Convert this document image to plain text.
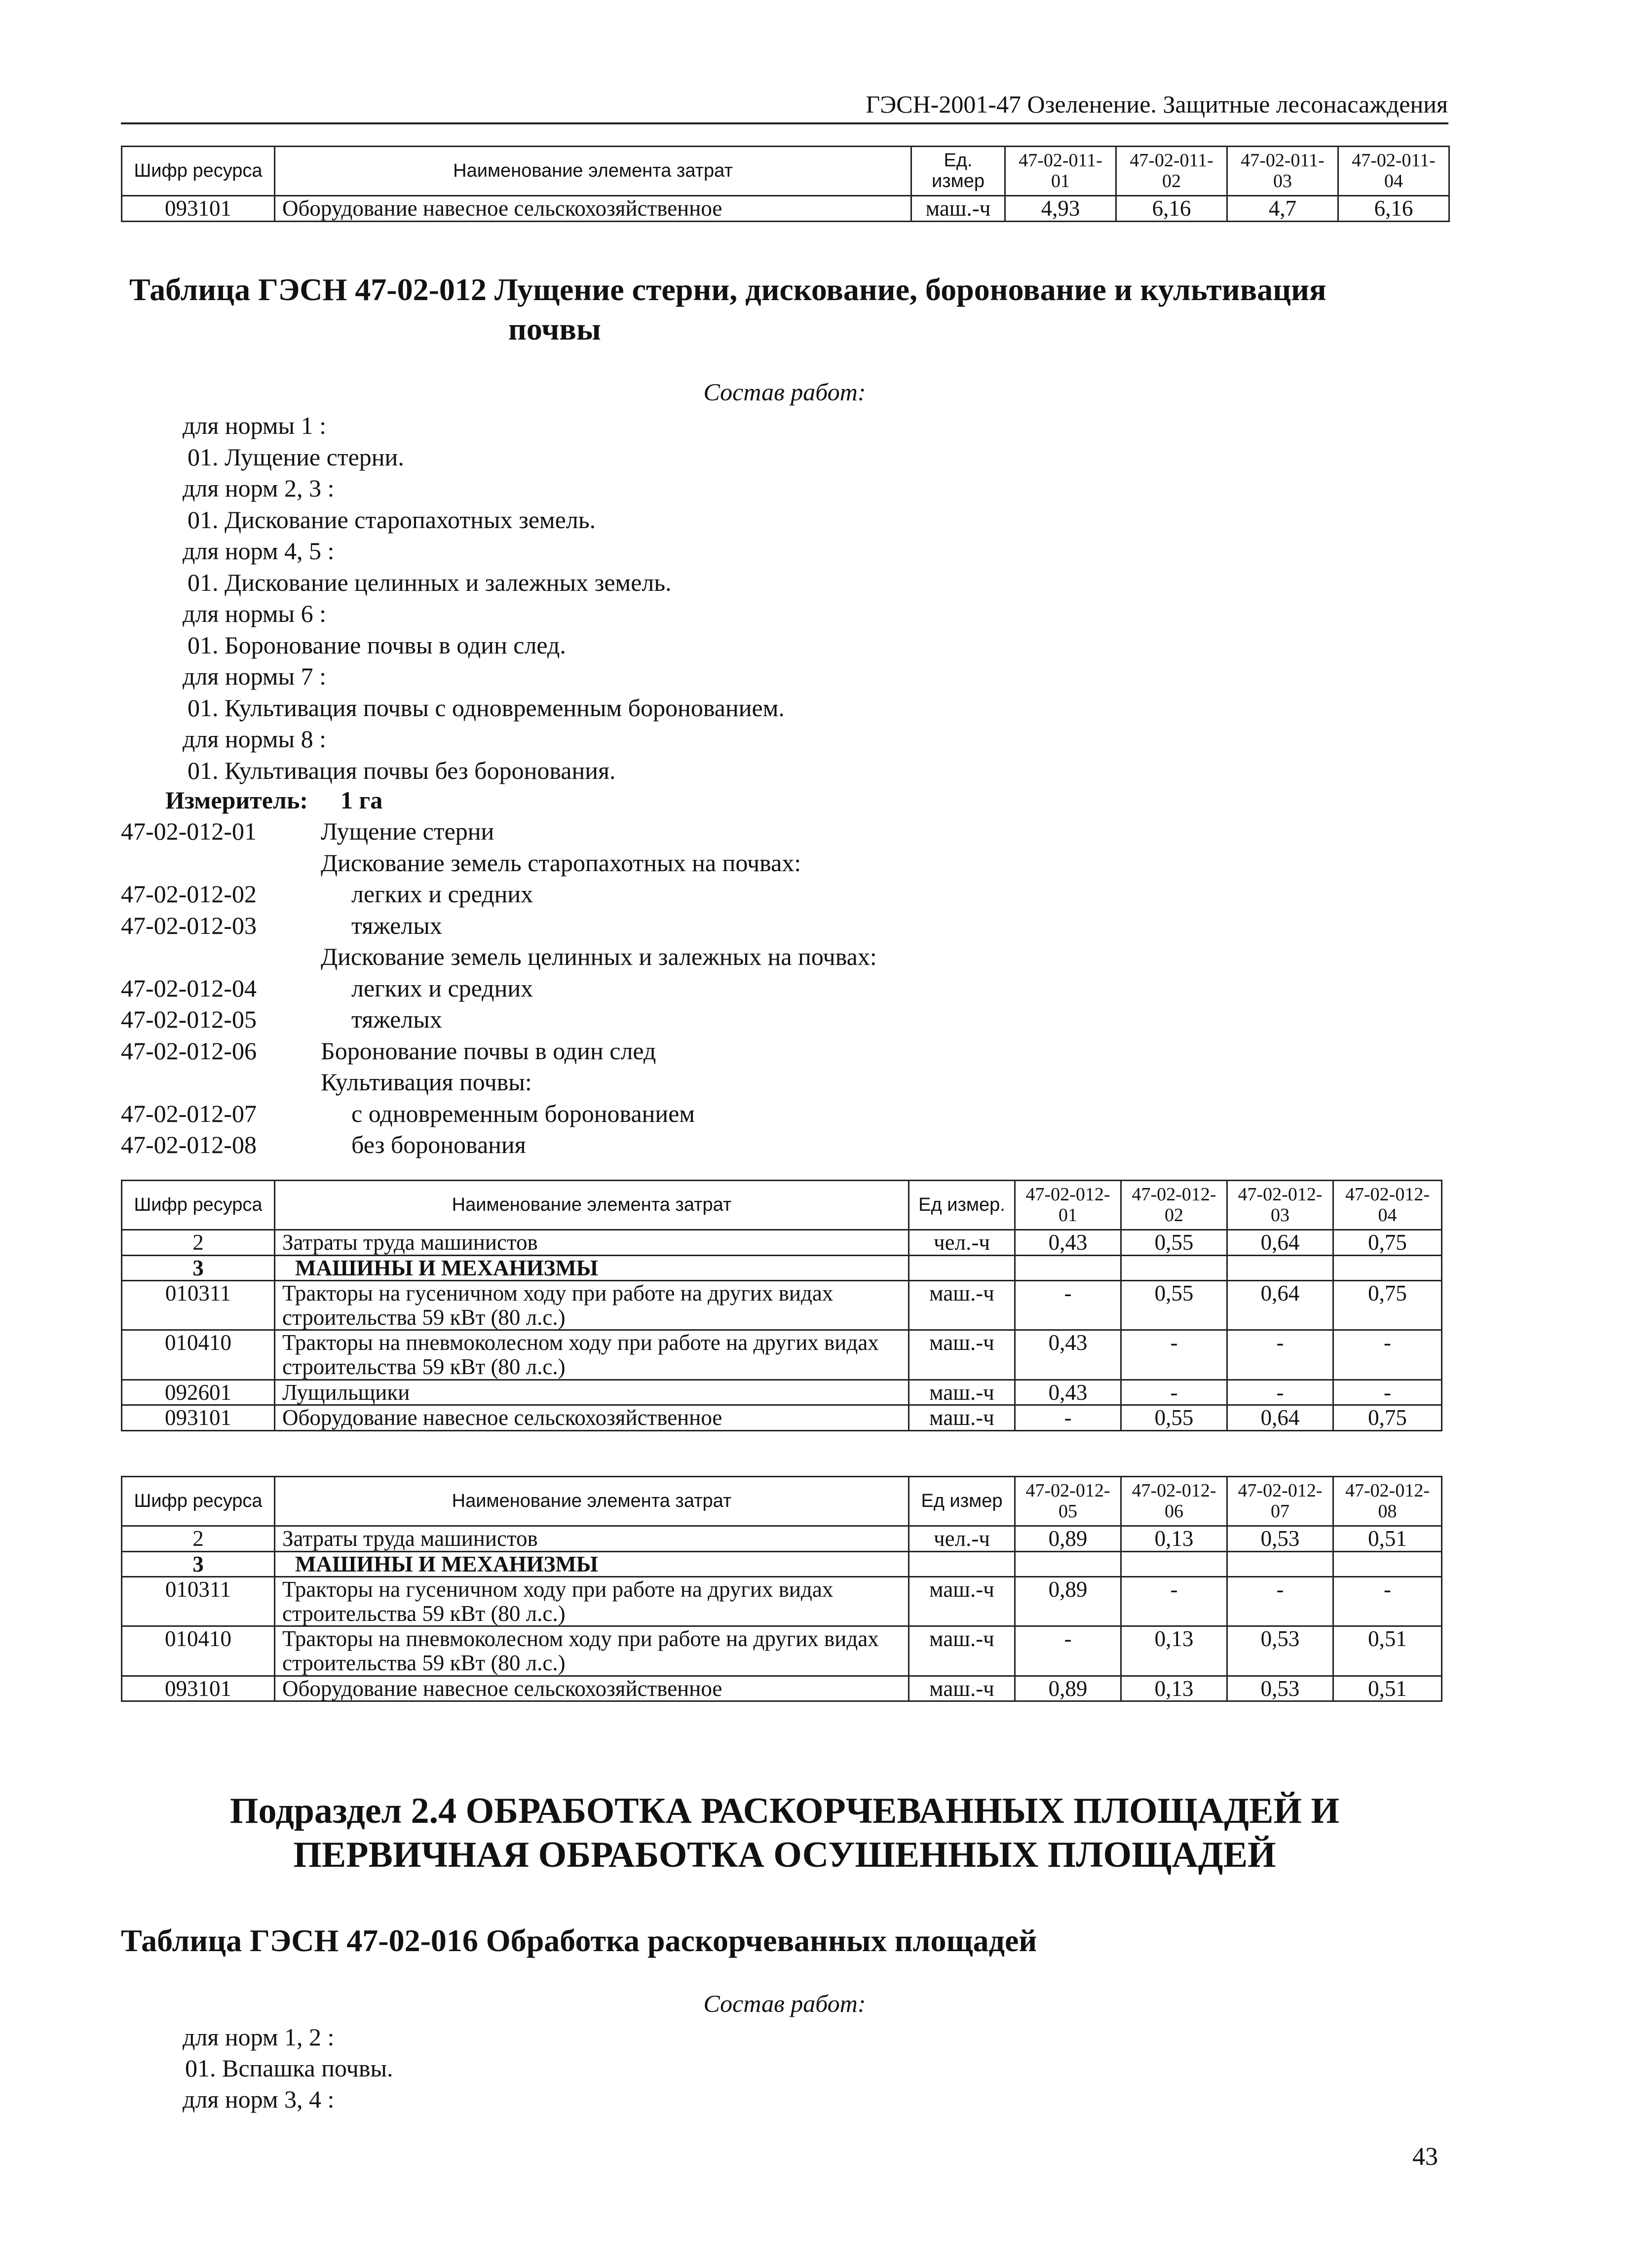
ГЭСН-2001-47 Озеленение. Защитные лесонасаждения
Шифр ресурса	Наименование элемента затрат	Ед. измер	47-02-011-01	47-02-011-02	47-02-011-03	47-02-011-04
093101	Оборудование навесное сельскохозяйственное	маш.-ч	4,93	6,16	4,7	6,16
Таблица ГЭСН 47-02-012 Лущение стерни, дискование, боронование и культивация
почвы
Состав работ:
для нормы 1 :
01. Лущение стерни.
для норм 2, 3 :
01. Дискование старопахотных земель.
для норм 4, 5 :
01. Дискование целинных и залежных земель.
для нормы 6 :
01. Боронование почвы в один след.
для нормы 7 :
01. Культивация почвы с одновременным боронованием.
для нормы 8 :
01. Культивация почвы без боронования.
Измеритель: 1 га
47-02-012-01	Лущение стерни
Дискование земель старопахотных на почвах:
47-02-012-02	легких и средних
47-02-012-03	тяжелых
Дискование земель целинных и залежных на почвах:
47-02-012-04	легких и средних
47-02-012-05	тяжелых
47-02-012-06	Боронование почвы в один след
Культивация почвы:
47-02-012-07	с одновременным боронованием
47-02-012-08	без боронования
Шифр ресурса	Наименование элемента затрат	Ед измер.	47-02-012-01	47-02-012-02	47-02-012-03	47-02-012-04
2	Затраты труда машинистов	чел.-ч	0,43	0,55	0,64	0,75
3	МАШИНЫ И МЕХАНИЗМЫ					
010311	Тракторы на гусеничном ходу при работе на других видах строительства 59 кВт (80 л.с.)	маш.-ч	-	0,55	0,64	0,75
010410	Тракторы на пневмоколесном ходу при работе на других видах строительства 59 кВт (80 л.с.)	маш.-ч	0,43	-	-	-
092601	Лущильщики	маш.-ч	0,43	-	-	-
093101	Оборудование навесное сельскохозяйственное	маш.-ч	-	0,55	0,64	0,75
Шифр ресурса	Наименование элемента затрат	Ед измер	47-02-012-05	47-02-012-06	47-02-012-07	47-02-012-08
2	Затраты труда машинистов	чел.-ч	0,89	0,13	0,53	0,51
3	МАШИНЫ И МЕХАНИЗМЫ					
010311	Тракторы на гусеничном ходу при работе на других видах строительства 59 кВт (80 л.с.)	маш.-ч	0,89	-	-	-
010410	Тракторы на пневмоколесном ходу при работе на других видах строительства 59 кВт (80 л.с.)	маш.-ч	-	0,13	0,53	0,51
093101	Оборудование навесное сельскохозяйственное	маш.-ч	0,89	0,13	0,53	0,51
Подраздел 2.4 ОБРАБОТКА РАСКОРЧЕВАННЫХ ПЛОЩАДЕЙ И
ПЕРВИЧНАЯ ОБРАБОТКА ОСУШЕННЫХ ПЛОЩАДЕЙ
Таблица ГЭСН 47-02-016 Обработка раскорчеванных площадей
Состав работ:
для норм 1, 2 :
01. Вспашка почвы.
для норм 3, 4 :
43
